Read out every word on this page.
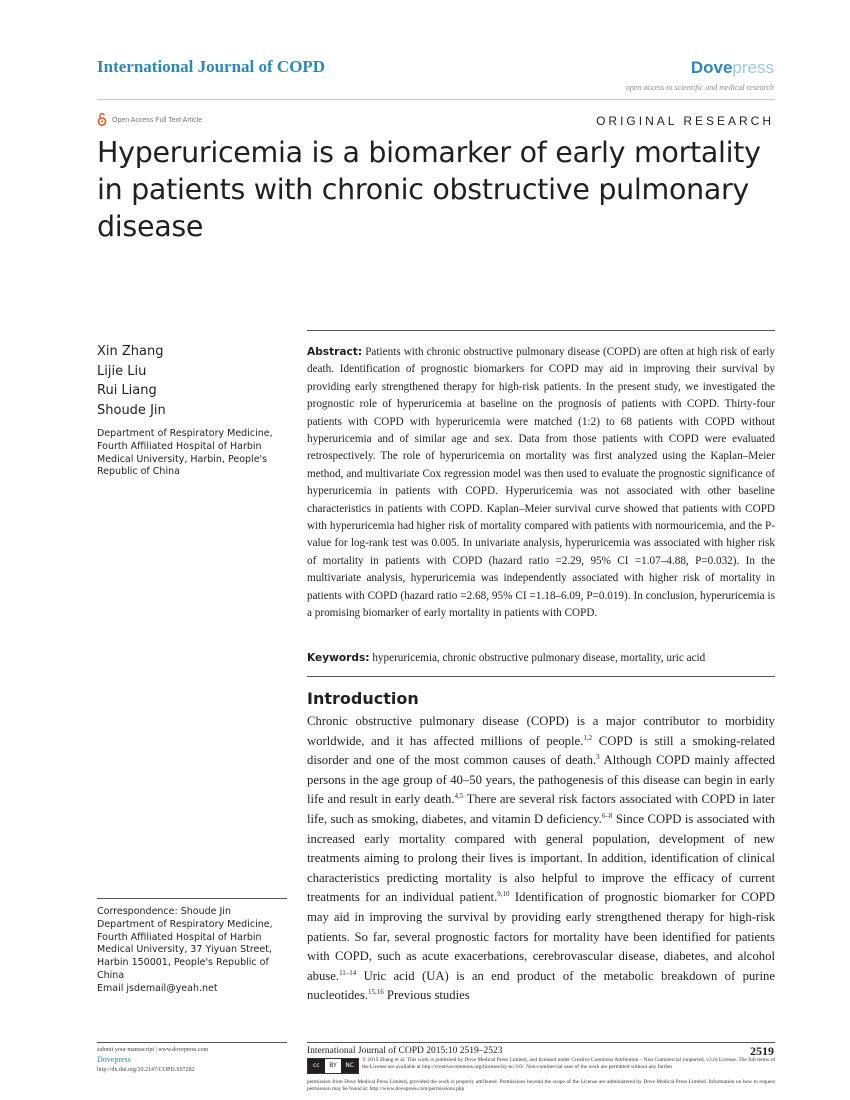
International Journal of COPD	Dovepress
open access to scientific and medical research
Open Access Full Text Article	ORIGINAL RESEARCH
Hyperuricemia is a biomarker of early mortality in patients with chronic obstructive pulmonary disease
Xin Zhang
Lijie Liu
Rui Liang
Shoude Jin
Department of Respiratory Medicine, Fourth Affiliated Hospital of Harbin Medical University, Harbin, People's Republic of China

Abstract: Patients with chronic obstructive pulmonary disease (COPD) are often at high risk of early death. Identification of prognostic biomarkers for COPD may aid in improving their survival by providing early strengthened therapy for high-risk patients. In the present study, we investigated the prognostic role of hyperuricemia at baseline on the prognosis of patients with COPD. Thirty-four patients with COPD with hyperuricemia were matched (1:2) to 68 patients with COPD without hyperuricemia and of similar age and sex. Data from those patients with COPD were evaluated retrospectively. The role of hyperuricemia on mortality was first analyzed using the Kaplan–Meier method, and multivariate Cox regression model was then used to evaluate the prognostic significance of hyperuricemia in patients with COPD. Hyperuricemia was not associated with other baseline characteristics in patients with COPD. Kaplan–Meier survival curve showed that patients with COPD with hyperuricemia had higher risk of mortality compared with patients with normouricemia, and the P-value for log-rank test was 0.005. In univariate analysis, hyperuricemia was associated with higher risk of mortality in patients with COPD (hazard ratio =2.29, 95% CI =1.07–4.88, P=0.032). In the multivariate analysis, hyperuricemia was independently associated with higher risk of mortality in patients with COPD (hazard ratio =2.68, 95% CI =1.18–6.09, P=0.019). In conclusion, hyperuricemia is a promising biomarker of early mortality in patients with COPD.

Keywords: hyperuricemia, chronic obstructive pulmonary disease, mortality, uric acid

Introduction

Chronic obstructive pulmonary disease (COPD) is a major contributor to morbidity worldwide, and it has affected millions of people.$^{1,2}$ COPD is still a smoking-related disorder and one of the most common causes of death.$^3$ Although COPD mainly affected persons in the age group of 40–50 years, the pathogenesis of this disease can begin in early life and result in early death.$^{4,5}$ There are several risk factors associated with COPD in later life, such as smoking, diabetes, and vitamin D deficiency.$^{6-8}$ Since COPD is associated with increased early mortality compared with general population, development of new treatments aiming to prolong their lives is important. In addition, identification of clinical characteristics predicting mortality is also helpful to improve the efficacy of current treatments for an individual patient.$^{9,10}$ Identification of prognostic biomarker for COPD may aid in improving the survival by providing early strengthened therapy for high-risk patients. So far, several prognostic factors for mortality have been identified for patients with COPD, such as acute exacerbations, cerebrovascular disease, diabetes, and alcohol abuse.$^{11-14}$ Uric acid (UA) is an end product of the metabolic breakdown of purine nucleotides.$^{15,16}$ Previous studies

Correspondence: Shoude Jin
Department of Respiratory Medicine, Fourth Affiliated Hospital of Harbin Medical University, 37 Yiyuan Street, Harbin 150001, People's Republic of China
Email jsdemail@yeah.net
submit your manuscript | www.dovepress.com
Dovepress
http://dx.doi.org/10.2147/COPD.S97282
International Journal of COPD 2015:10 2519–2523	2519
cc	BY	NC
© 2015 Zhang et al. This work is published by Dove Medical Press Limited, and licensed under Creative Commons Attribution – Non Commercial (unported, v3.0) License. The full terms of the License are available at http://creativecommons.org/licenses/by-nc/3.0/. Non-commercial uses of the work are permitted without any further
permission from Dove Medical Press Limited, provided the work is properly attributed. Permissions beyond the scope of the License are administered by Dove Medical Press Limited. Information on how to request permission may be found at: http://www.dovepress.com/permissions.php
